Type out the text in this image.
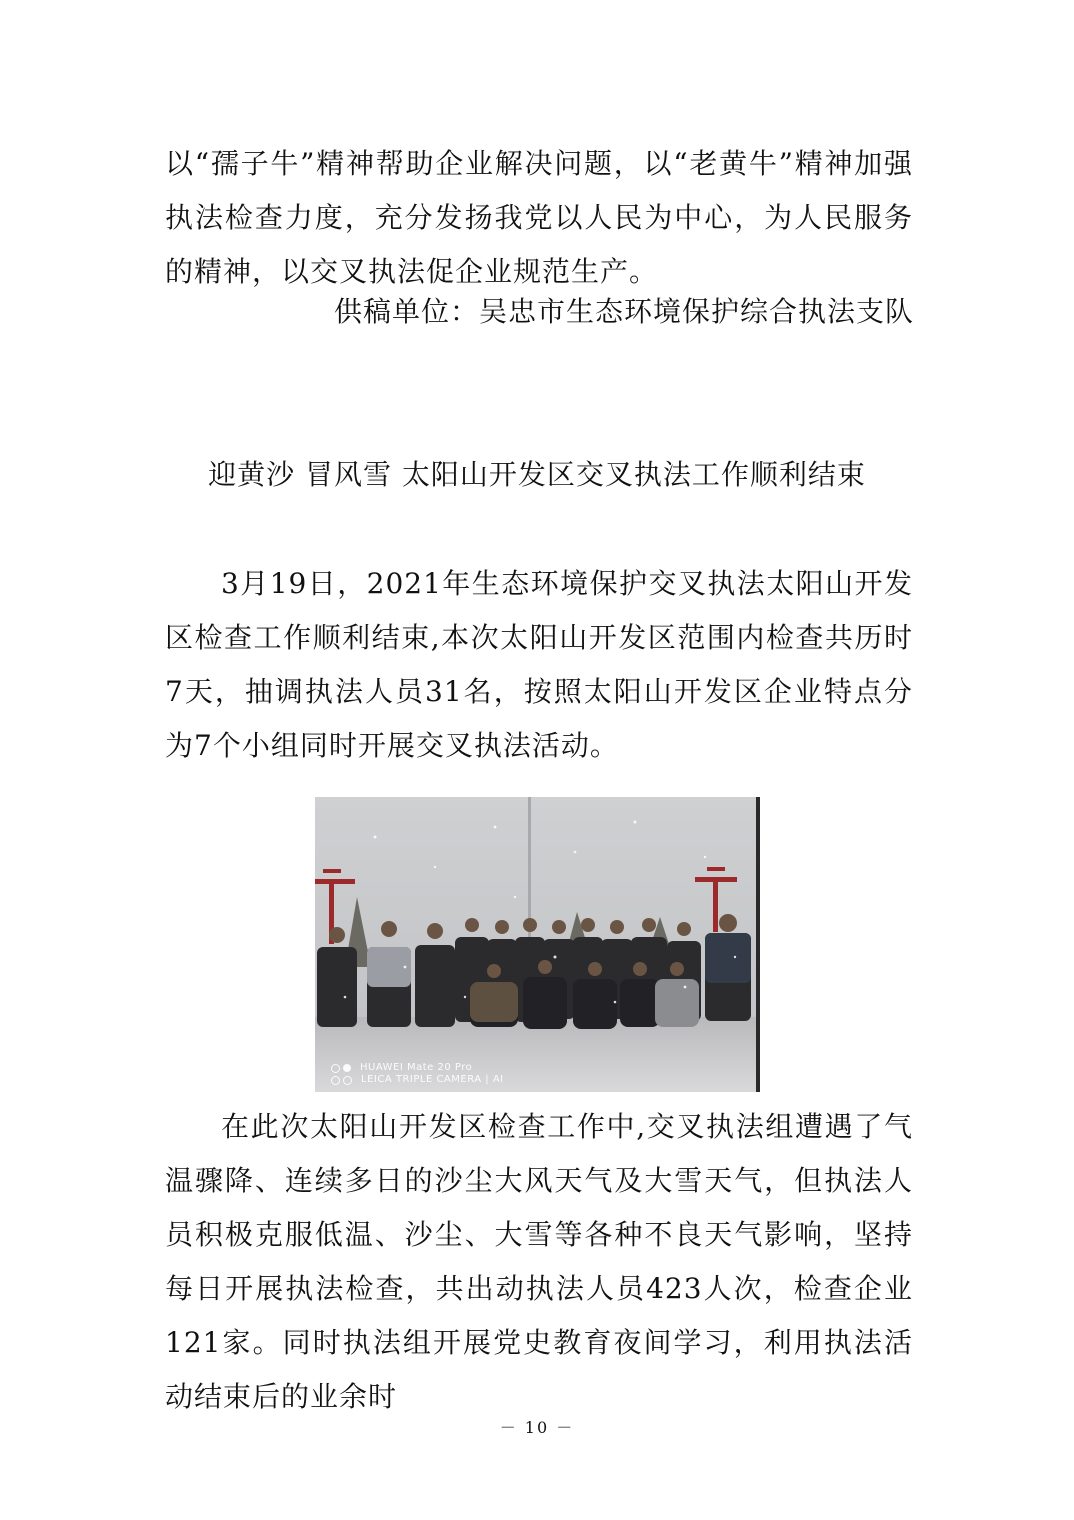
以“孺子牛”精神帮助企业解决问题，以“老黄牛”精神加强执法检查力度，充分发扬我党以人民为中心，为人民服务的精神，以交叉执法促企业规范生产。

供稿单位：吴忠市生态环境保护综合执法支队

迎黄沙 冒风雪 太阳山开发区交叉执法工作顺利结束

3月19日，2021年生态环境保护交叉执法太阳山开发区检查工作顺利结束,本次太阳山开发区范围内检查共历时7天，抽调执法人员31名，按照太阳山开发区企业特点分为7个小组同时开展交叉执法活动。

HUAWEI Mate 20 Pro
LEICA TRIPLE CAMERA | AI

在此次太阳山开发区检查工作中,交叉执法组遭遇了气温骤降、连续多日的沙尘大风天气及大雪天气，但执法人员积极克服低温、沙尘、大雪等各种不良天气影响，坚持每日开展执法检查，共出动执法人员423人次，检查企业121家。同时执法组开展党史教育夜间学习，利用执法活动结束后的业余时

－ 10 －
